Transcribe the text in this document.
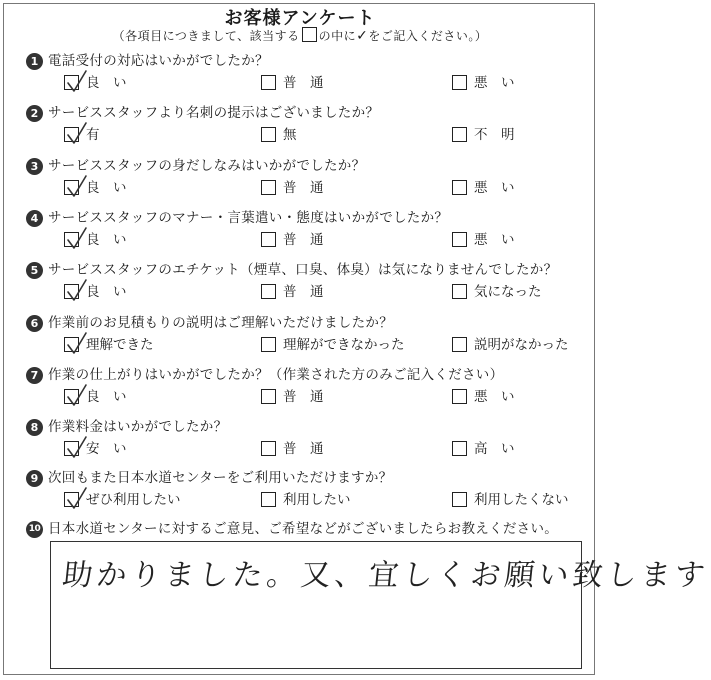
お客様アンケート
（各項目につきまして、該当する の中に✓をご記入ください。）
1 電話受付の対応はいかがでしたか？
良　い	普　通	悪　い
2 サービススタッフより名刺の提示はございましたか？
有	無	不　明
3 サービススタッフの身だしなみはいかがでしたか？
良　い	普　通	悪　い
4 サービススタッフのマナー・言葉遣い・態度はいかがでしたか？
良　い	普　通	悪　い
5 サービススタッフのエチケット（煙草、口臭、体臭）は気になりませんでしたか？
良　い	普　通	気になった
6 作業前のお見積もりの説明はご理解いただけましたか？
理解できた	理解ができなかった	説明がなかった
7 作業の仕上がりはいかがでしたか？（作業された方のみご記入ください）
良　い	普　通	悪　い
8 作業料金はいかがでしたか？
安　い	普　通	高　い
9 次回もまた日本水道センターをご利用いただけますか？
ぜひ利用したい	利用したい	利用したくない
10 日本水道センターに対するご意見、ご希望などがございましたらお教えください。
助かりました。又、宜しくお願い致します
